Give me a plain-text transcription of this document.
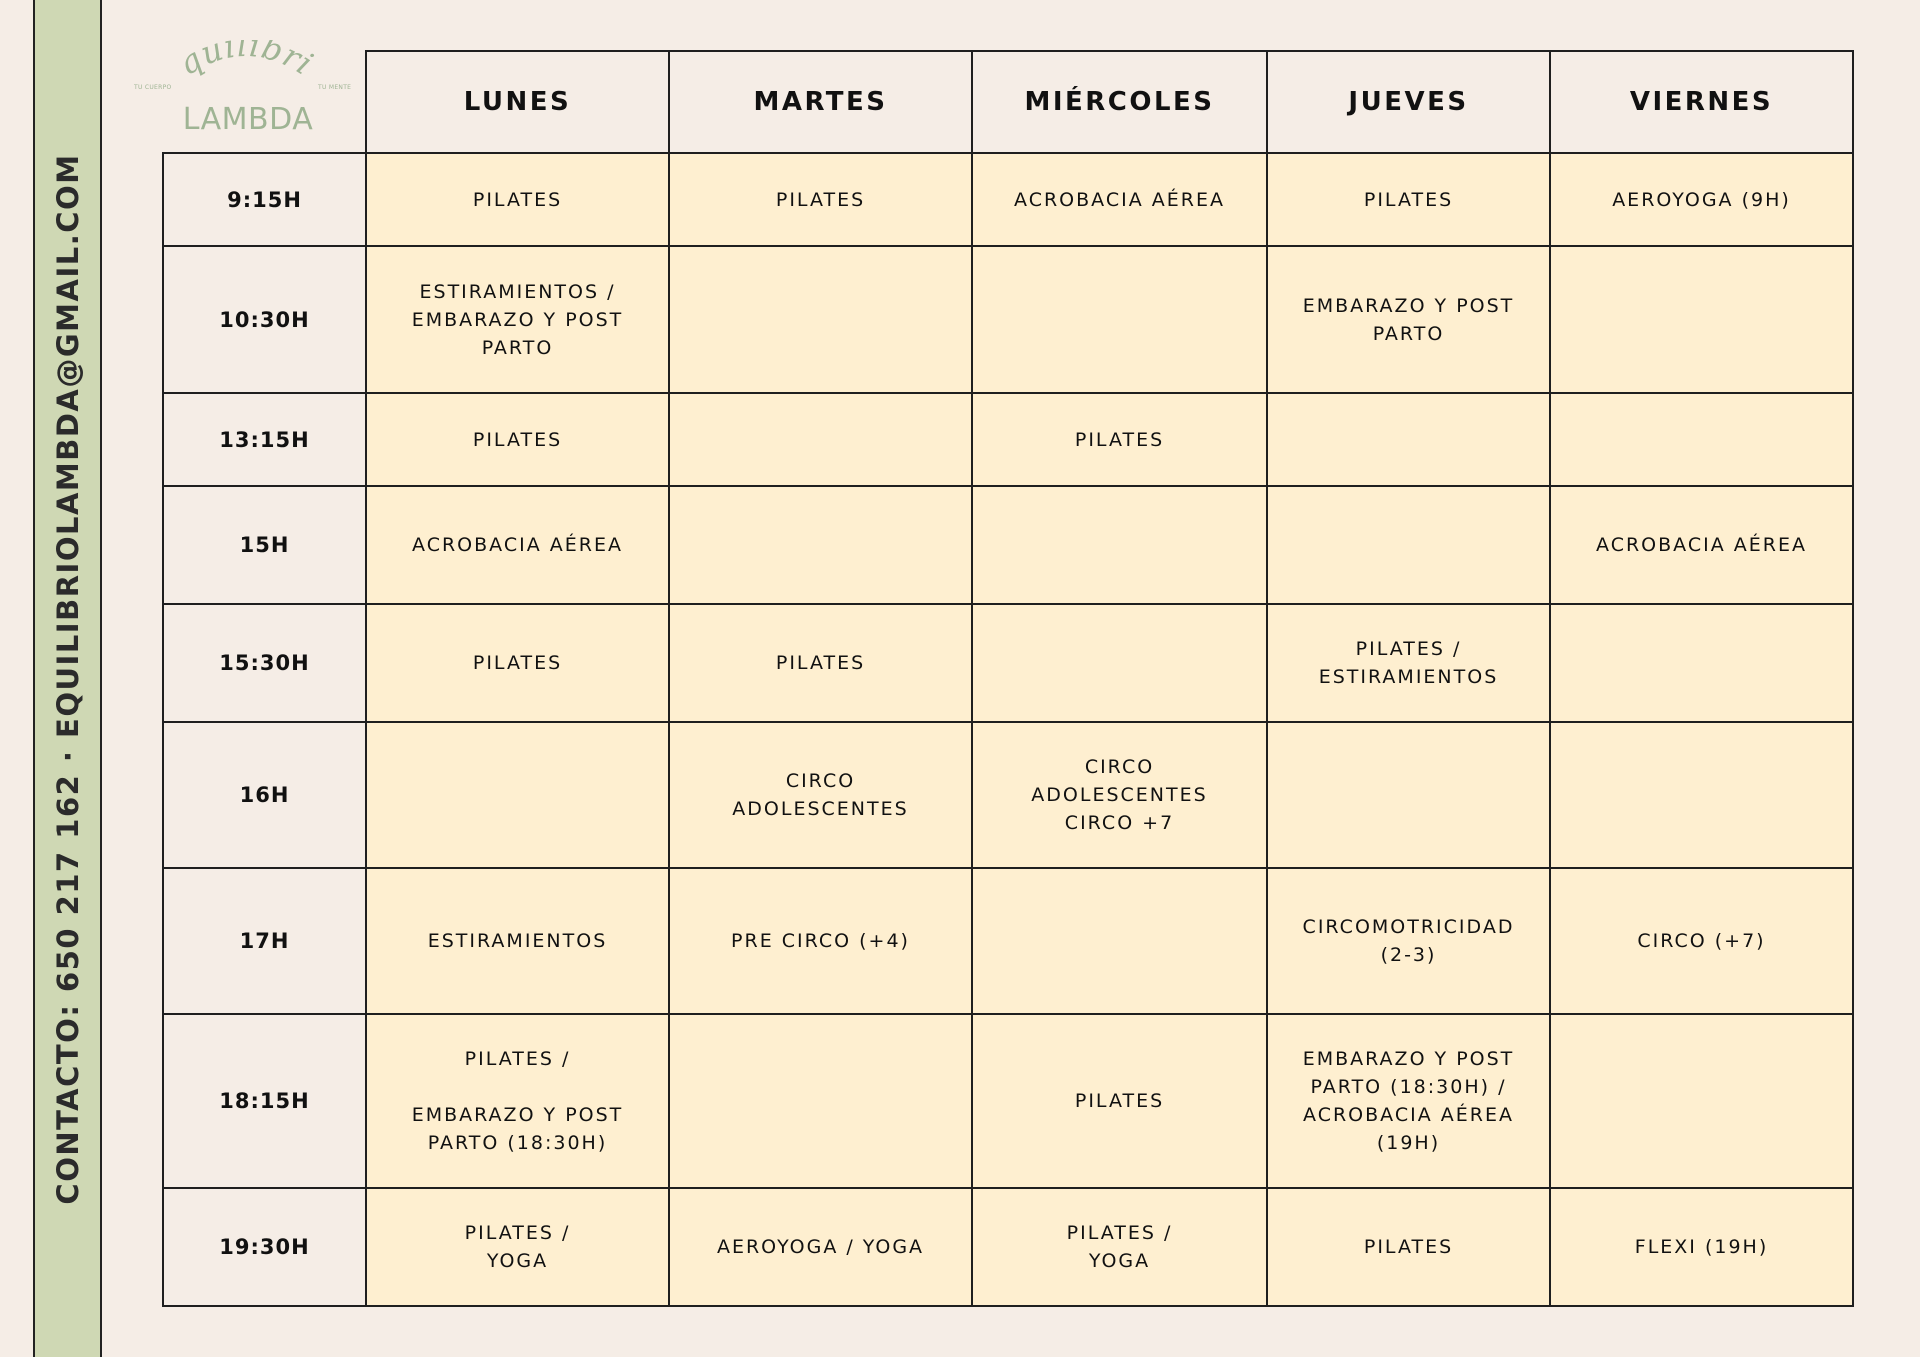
CONTACTO: 650 217 162 · EQUILIBRIOLAMBDA@GMAIL.COM
quilibri
TU CUERPO	TU MENTE
LAMBDA
		LUNES	MARTES	MIÉRCOLES	JUEVES	VIERNES
9:15H	PILATES	PILATES	ACROBACIA AÉREA	PILATES	AEROYOGA (9H)
10:30H	ESTIRAMIENTOS /
EMBARAZO Y POST
PARTO			EMBARAZO Y POST
PARTO	
13:15H	PILATES		PILATES		
15H	ACROBACIA AÉREA				ACROBACIA AÉREA
15:30H	PILATES	PILATES		PILATES /
ESTIRAMIENTOS	
16H		CIRCO
ADOLESCENTES	CIRCO
ADOLESCENTES
CIRCO +7		
17H	ESTIRAMIENTOS	PRE CIRCO (+4)		CIRCOMOTRICIDAD
(2-3)	CIRCO (+7)
18:15H	PILATES /

EMBARAZO Y POST
PARTO (18:30H)		PILATES	EMBARAZO Y POST
PARTO (18:30H) /
ACROBACIA AÉREA
(19H)	
19:30H	PILATES /
YOGA	AEROYOGA / YOGA	PILATES /
YOGA	PILATES	FLEXI (19H)
